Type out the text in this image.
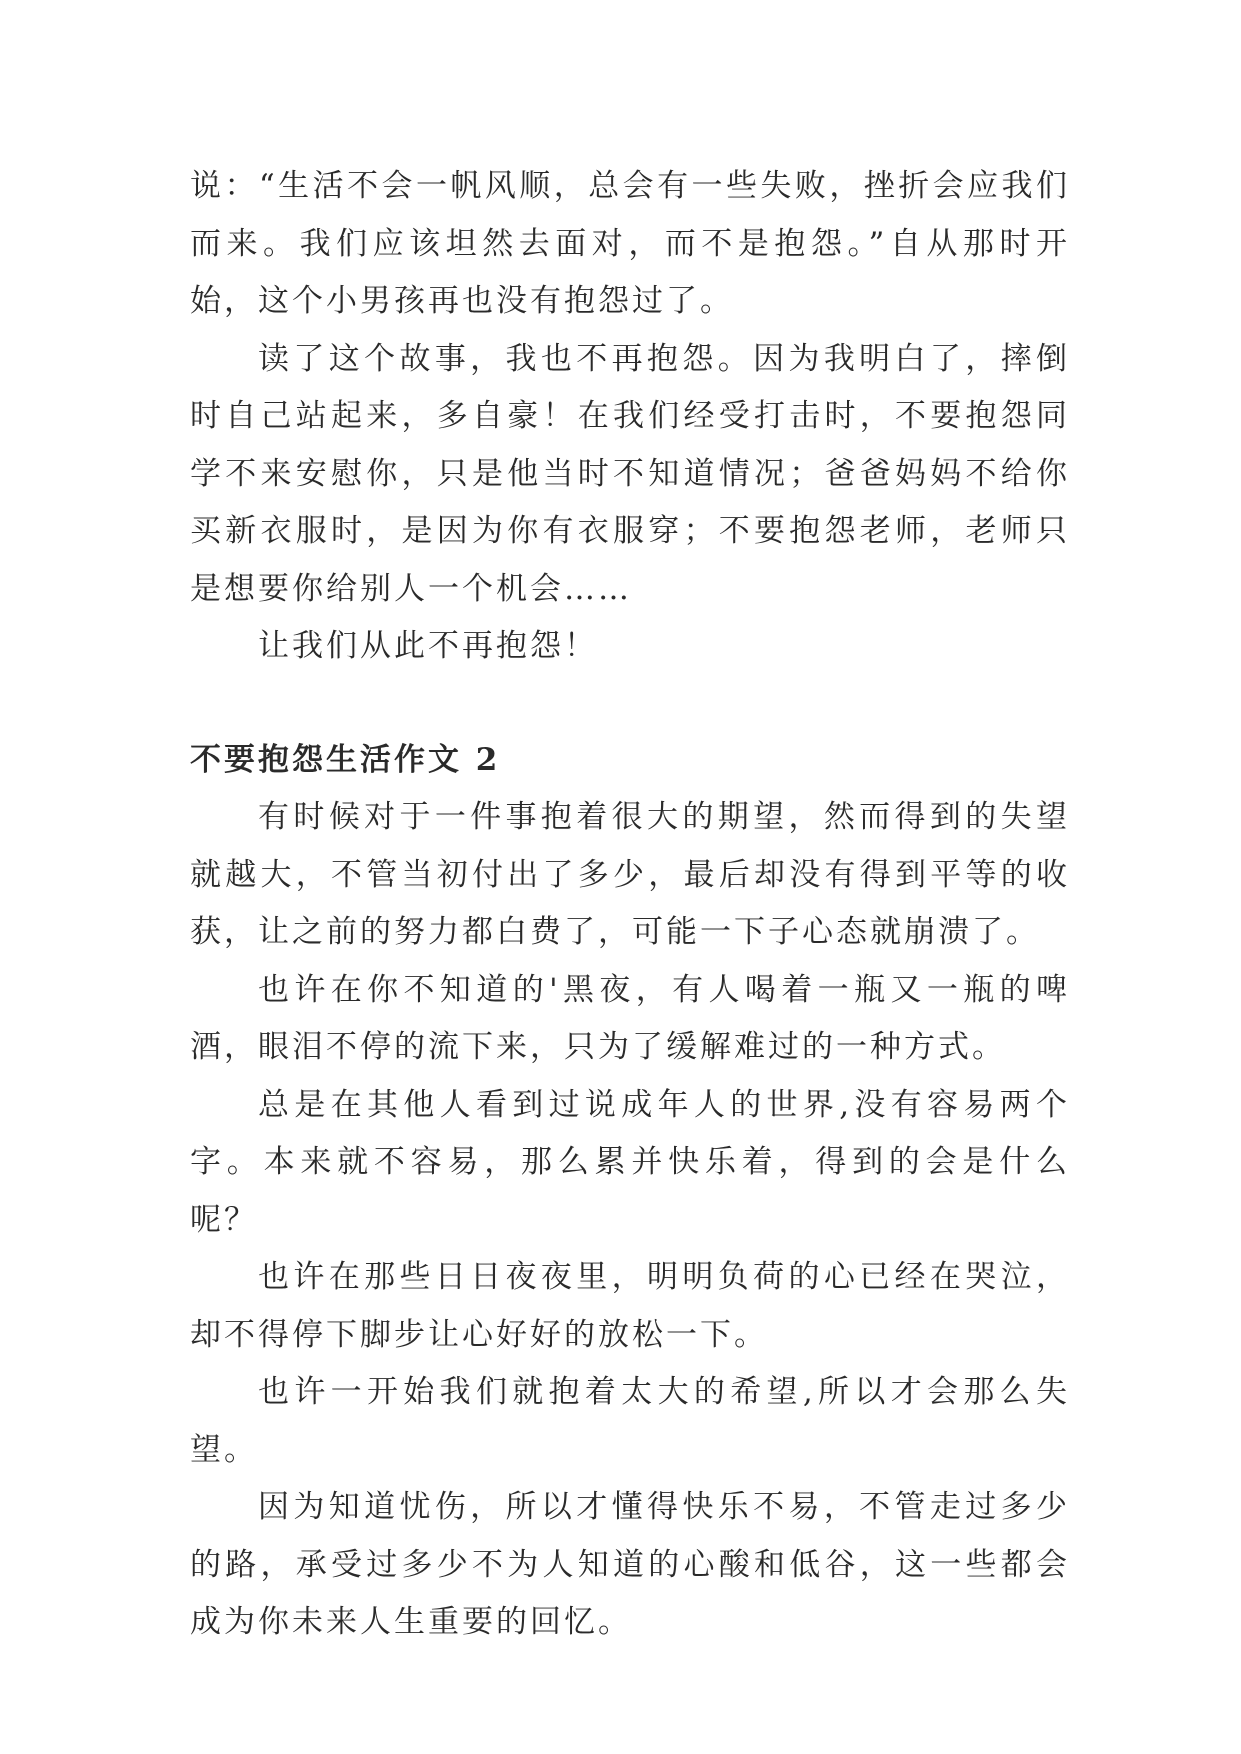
说：“生活不会一帆风顺，总会有一些失败，挫折会应我们而来。我们应该坦然去面对，而不是抱怨。”自从那时开始，这个小男孩再也没有抱怨过了。

读了这个故事，我也不再抱怨。因为我明白了，摔倒时自己站起来，多自豪！在我们经受打击时，不要抱怨同学不来安慰你，只是他当时不知道情况；爸爸妈妈不给你买新衣服时，是因为你有衣服穿；不要抱怨老师，老师只是想要你给别人一个机会……

让我们从此不再抱怨！

不要抱怨生活作文 2

有时候对于一件事抱着很大的期望，然而得到的失望就越大，不管当初付出了多少，最后却没有得到平等的收获，让之前的努力都白费了，可能一下子心态就崩溃了。

也许在你不知道的'黑夜，有人喝着一瓶又一瓶的啤酒，眼泪不停的流下来，只为了缓解难过的一种方式。

总是在其他人看到过说成年人的世界,没有容易两个字。本来就不容易，那么累并快乐着，得到的会是什么呢？

也许在那些日日夜夜里，明明负荷的心已经在哭泣，却不得停下脚步让心好好的放松一下。

也许一开始我们就抱着太大的希望,所以才会那么失望。

因为知道忧伤，所以才懂得快乐不易，不管走过多少的路，承受过多少不为人知道的心酸和低谷，这一些都会成为你未来人生重要的回忆。
